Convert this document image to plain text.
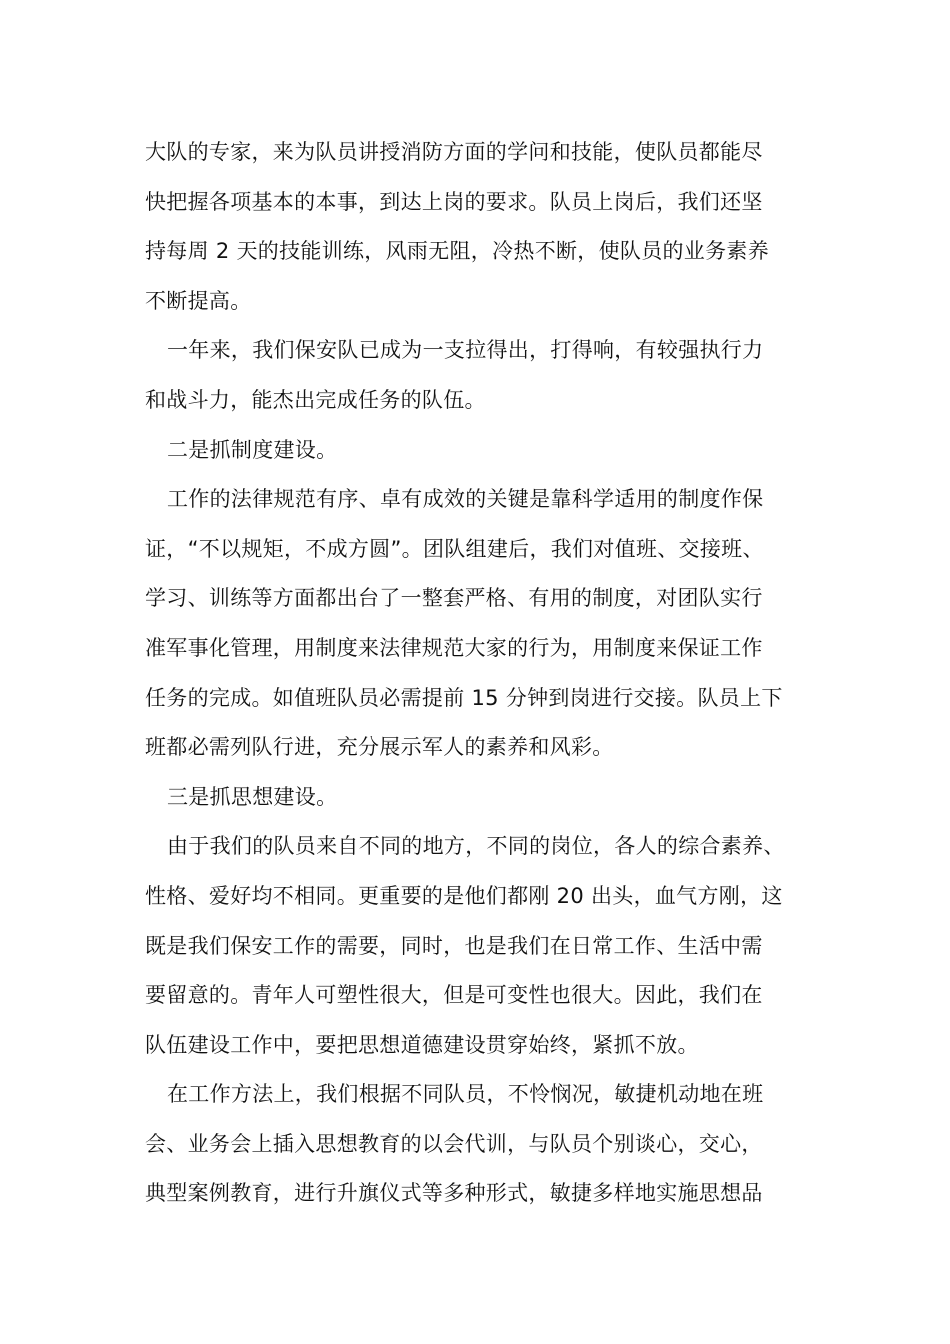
大队的专家，来为队员讲授消防方面的学问和技能，使队员都能尽
快把握各项基本的本事，到达上岗的要求。队员上岗后，我们还坚
持每周 2 天的技能训练，风雨无阻，冷热不断，使队员的业务素养
不断提高。
一年来，我们保安队已成为一支拉得出，打得响，有较强执行力
和战斗力，能杰出完成任务的队伍。
二是抓制度建设。
工作的法律规范有序、卓有成效的关键是靠科学适用的制度作保
证，“不以规矩，不成方圆”。团队组建后，我们对值班、交接班、
学习、训练等方面都出台了一整套严格、有用的制度，对团队实行
准军事化管理，用制度来法律规范大家的行为，用制度来保证工作
任务的完成。如值班队员必需提前 15 分钟到岗进行交接。队员上下
班都必需列队行进，充分展示军人的素养和风彩。
三是抓思想建设。
由于我们的队员来自不同的地方，不同的岗位，各人的综合素养、
性格、爱好均不相同。更重要的是他们都刚 20 出头，血气方刚，这
既是我们保安工作的需要，同时，也是我们在日常工作、生活中需
要留意的。青年人可塑性很大，但是可变性也很大。因此，我们在
队伍建设工作中，要把思想道德建设贯穿始终，紧抓不放。
在工作方法上，我们根据不同队员，不怜悯况，敏捷机动地在班
会、业务会上插入思想教育的以会代训，与队员个别谈心，交心，
典型案例教育，进行升旗仪式等多种形式，敏捷多样地实施思想品
